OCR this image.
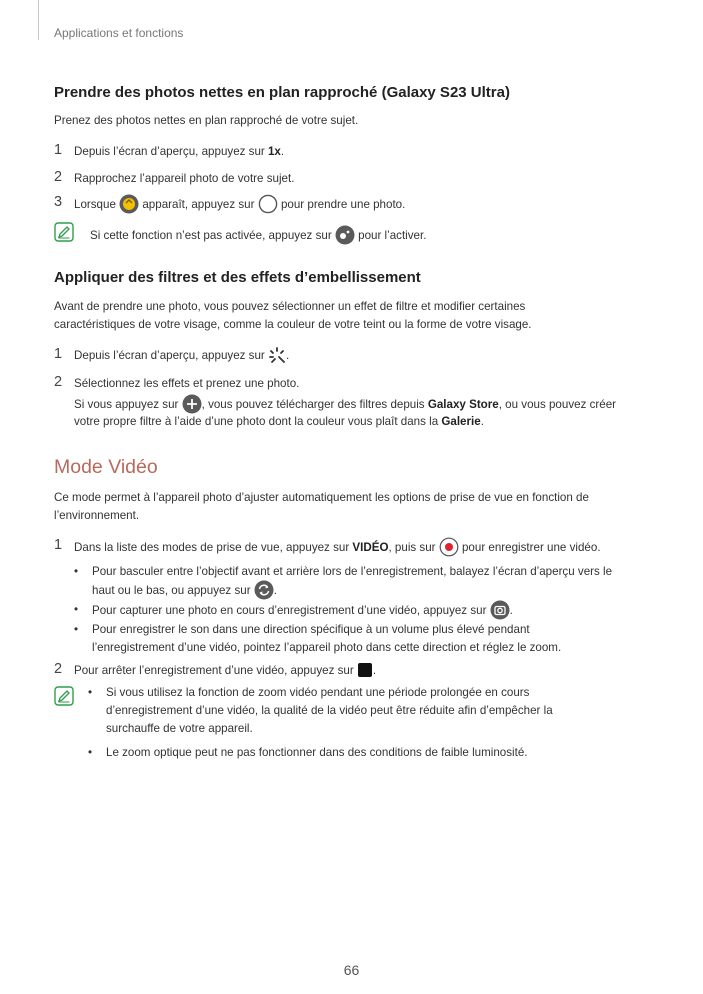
Applications et fonctions
Prendre des photos nettes en plan rapproché (Galaxy S23 Ultra)
Prenez des photos nettes en plan rapproché de votre sujet.
1 Depuis l’écran d’aperçu, appuyez sur 1x.
2 Rapprochez l’appareil photo de votre sujet.
3 Lorsque
apparaît, appuyez sur
pour prendre une photo.
Si cette fonction n’est pas activée, appuyez sur
pour l’activer.
Appliquer des filtres et des effets d’embellissement
Avant de prendre une photo, vous pouvez sélectionner un effet de filtre et modifier certaines
caractéristiques de votre visage, comme la couleur de votre teint ou la forme de votre visage.
1 Depuis l’écran d’aperçu, appuyez sur
.
2 Sélectionnez les effets et prenez une photo.
Si vous appuyez sur
, vous pouvez télécharger des filtres depuis Galaxy Store, ou vous pouvez créer
votre propre filtre à l’aide d’une photo dont la couleur vous plaît dans la Galerie.
Mode Vidéo
Ce mode permet à l’appareil photo d’ajuster automatiquement les options de prise de vue en fonction de
l’environnement.
1 Dans la liste des modes de prise de vue, appuyez sur VIDÉO, puis sur
pour enregistrer une vidéo.
• Pour basculer entre l’objectif avant et arrière lors de l’enregistrement, balayez l’écran d’aperçu vers le
haut ou le bas, ou appuyez sur
.
• Pour capturer une photo en cours d’enregistrement d’une vidéo, appuyez sur
.
• Pour enregistrer le son dans une direction spécifique à un volume plus élevé pendant
l’enregistrement d’une vidéo, pointez l’appareil photo dans cette direction et réglez le zoom.
2 Pour arrêter l’enregistrement d’une vidéo, appuyez sur
.
• Si vous utilisez la fonction de zoom vidéo pendant une période prolongée en cours
d’enregistrement d’une vidéo, la qualité de la vidéo peut être réduite afin d’empêcher la
surchauffe de votre appareil.
• Le zoom optique peut ne pas fonctionner dans des conditions de faible luminosité.
66
